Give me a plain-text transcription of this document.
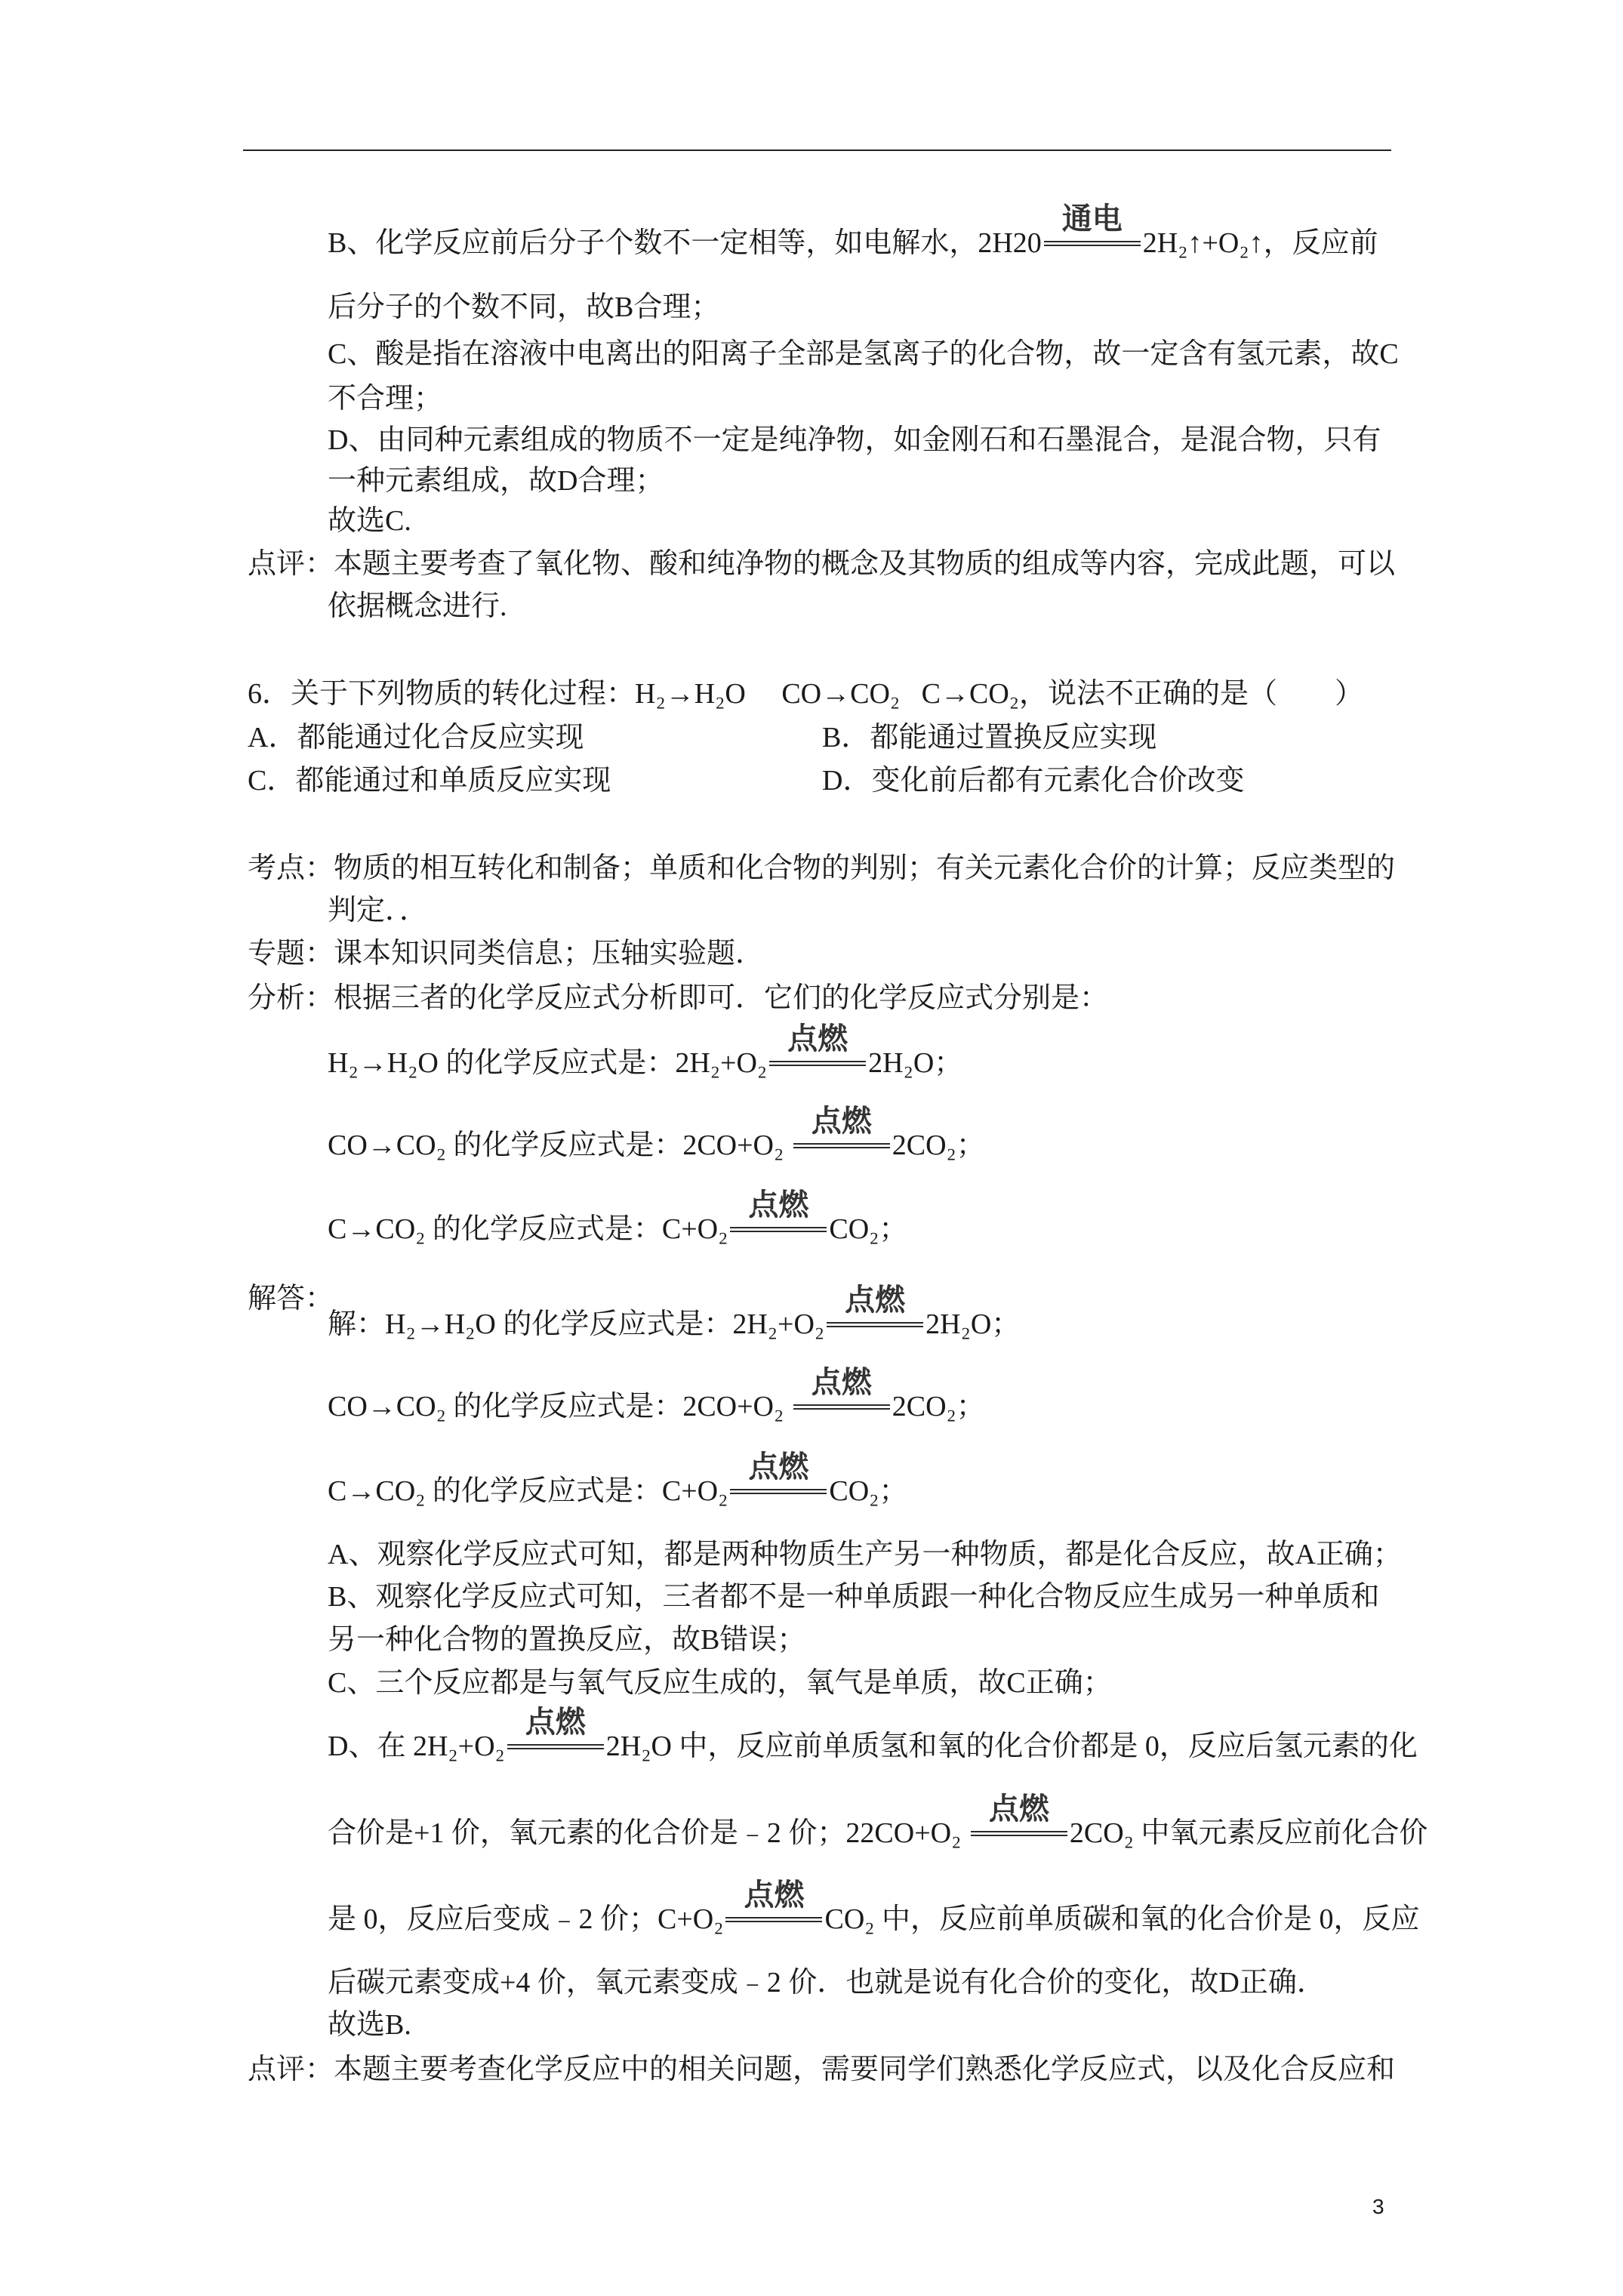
B、化学反应前后分子个数不一定相等，如电解水，2H20
通电
2H₂↑+O₂↑，反应前
后分子的个数不同，故B合理；
C、酸是指在溶液中电离出的阳离子全部是氢离子的化合物，故一定含有氢元素，故C
不合理；
D、由同种元素组成的物质不一定是纯净物，如金刚石和石墨混合，是混合物，只有
一种元素组成，故D合理；
故选C.
点评： 本题主要考查了氧化物、酸和纯净物的概念及其物质的组成等内容，完成此题，可以
依据概念进行.
6．关于下列物质的转化过程：H₂→H₂O     CO→CO₂   C→CO₂，说法不正确的是（        ）
A．都能通过化合反应实现	B．都能通过置换反应实现
C．都能通过和单质反应实现	D．变化前后都有元素化合价改变
考点： 物质的相互转化和制备；单质和化合物的判别；有关元素化合价的计算；反应类型的
判定．．
专题： 课本知识同类信息；压轴实验题．
分析： 根据三者的化学反应式分析即可．它们的化学反应式分别是：
H₂→H₂O 的化学反应式是：2H₂+O₂
点燃
2H₂O；
CO→CO₂ 的化学反应式是：2CO+O₂
点燃
2CO₂；
C→CO₂ 的化学反应式是：C+O₂
点燃
CO₂；
解答：
解：H₂→H₂O 的化学反应式是：2H₂+O₂
点燃
2H₂O；
CO→CO₂ 的化学反应式是：2CO+O₂
点燃
2CO₂；
C→CO₂ 的化学反应式是：C+O₂
点燃
CO₂；
A、观察化学反应式可知，都是两种物质生产另一种物质，都是化合反应，故A正确；
B、观察化学反应式可知，三者都不是一种单质跟一种化合物反应生成另一种单质和
另一种化合物的置换反应，故B错误；
C、三个反应都是与氧气反应生成的，氧气是单质，故C正确；
D、在 2H₂+O₂
点燃
2H₂O 中，反应前单质氢和氧的化合价都是 0，反应后氢元素的化
合价是+1 价，氧元素的化合价是﹣2 价；22CO+O₂
点燃
2CO₂ 中氧元素反应前化合价
是 0，反应后变成﹣2 价；C+O₂
点燃
CO₂ 中，反应前单质碳和氧的化合价是 0，反应
后碳元素变成+4 价，氧元素变成﹣2 价．也就是说有化合价的变化，故D正确．
故选B.
点评： 本题主要考查化学反应中的相关问题，需要同学们熟悉化学反应式，以及化合反应和
3
